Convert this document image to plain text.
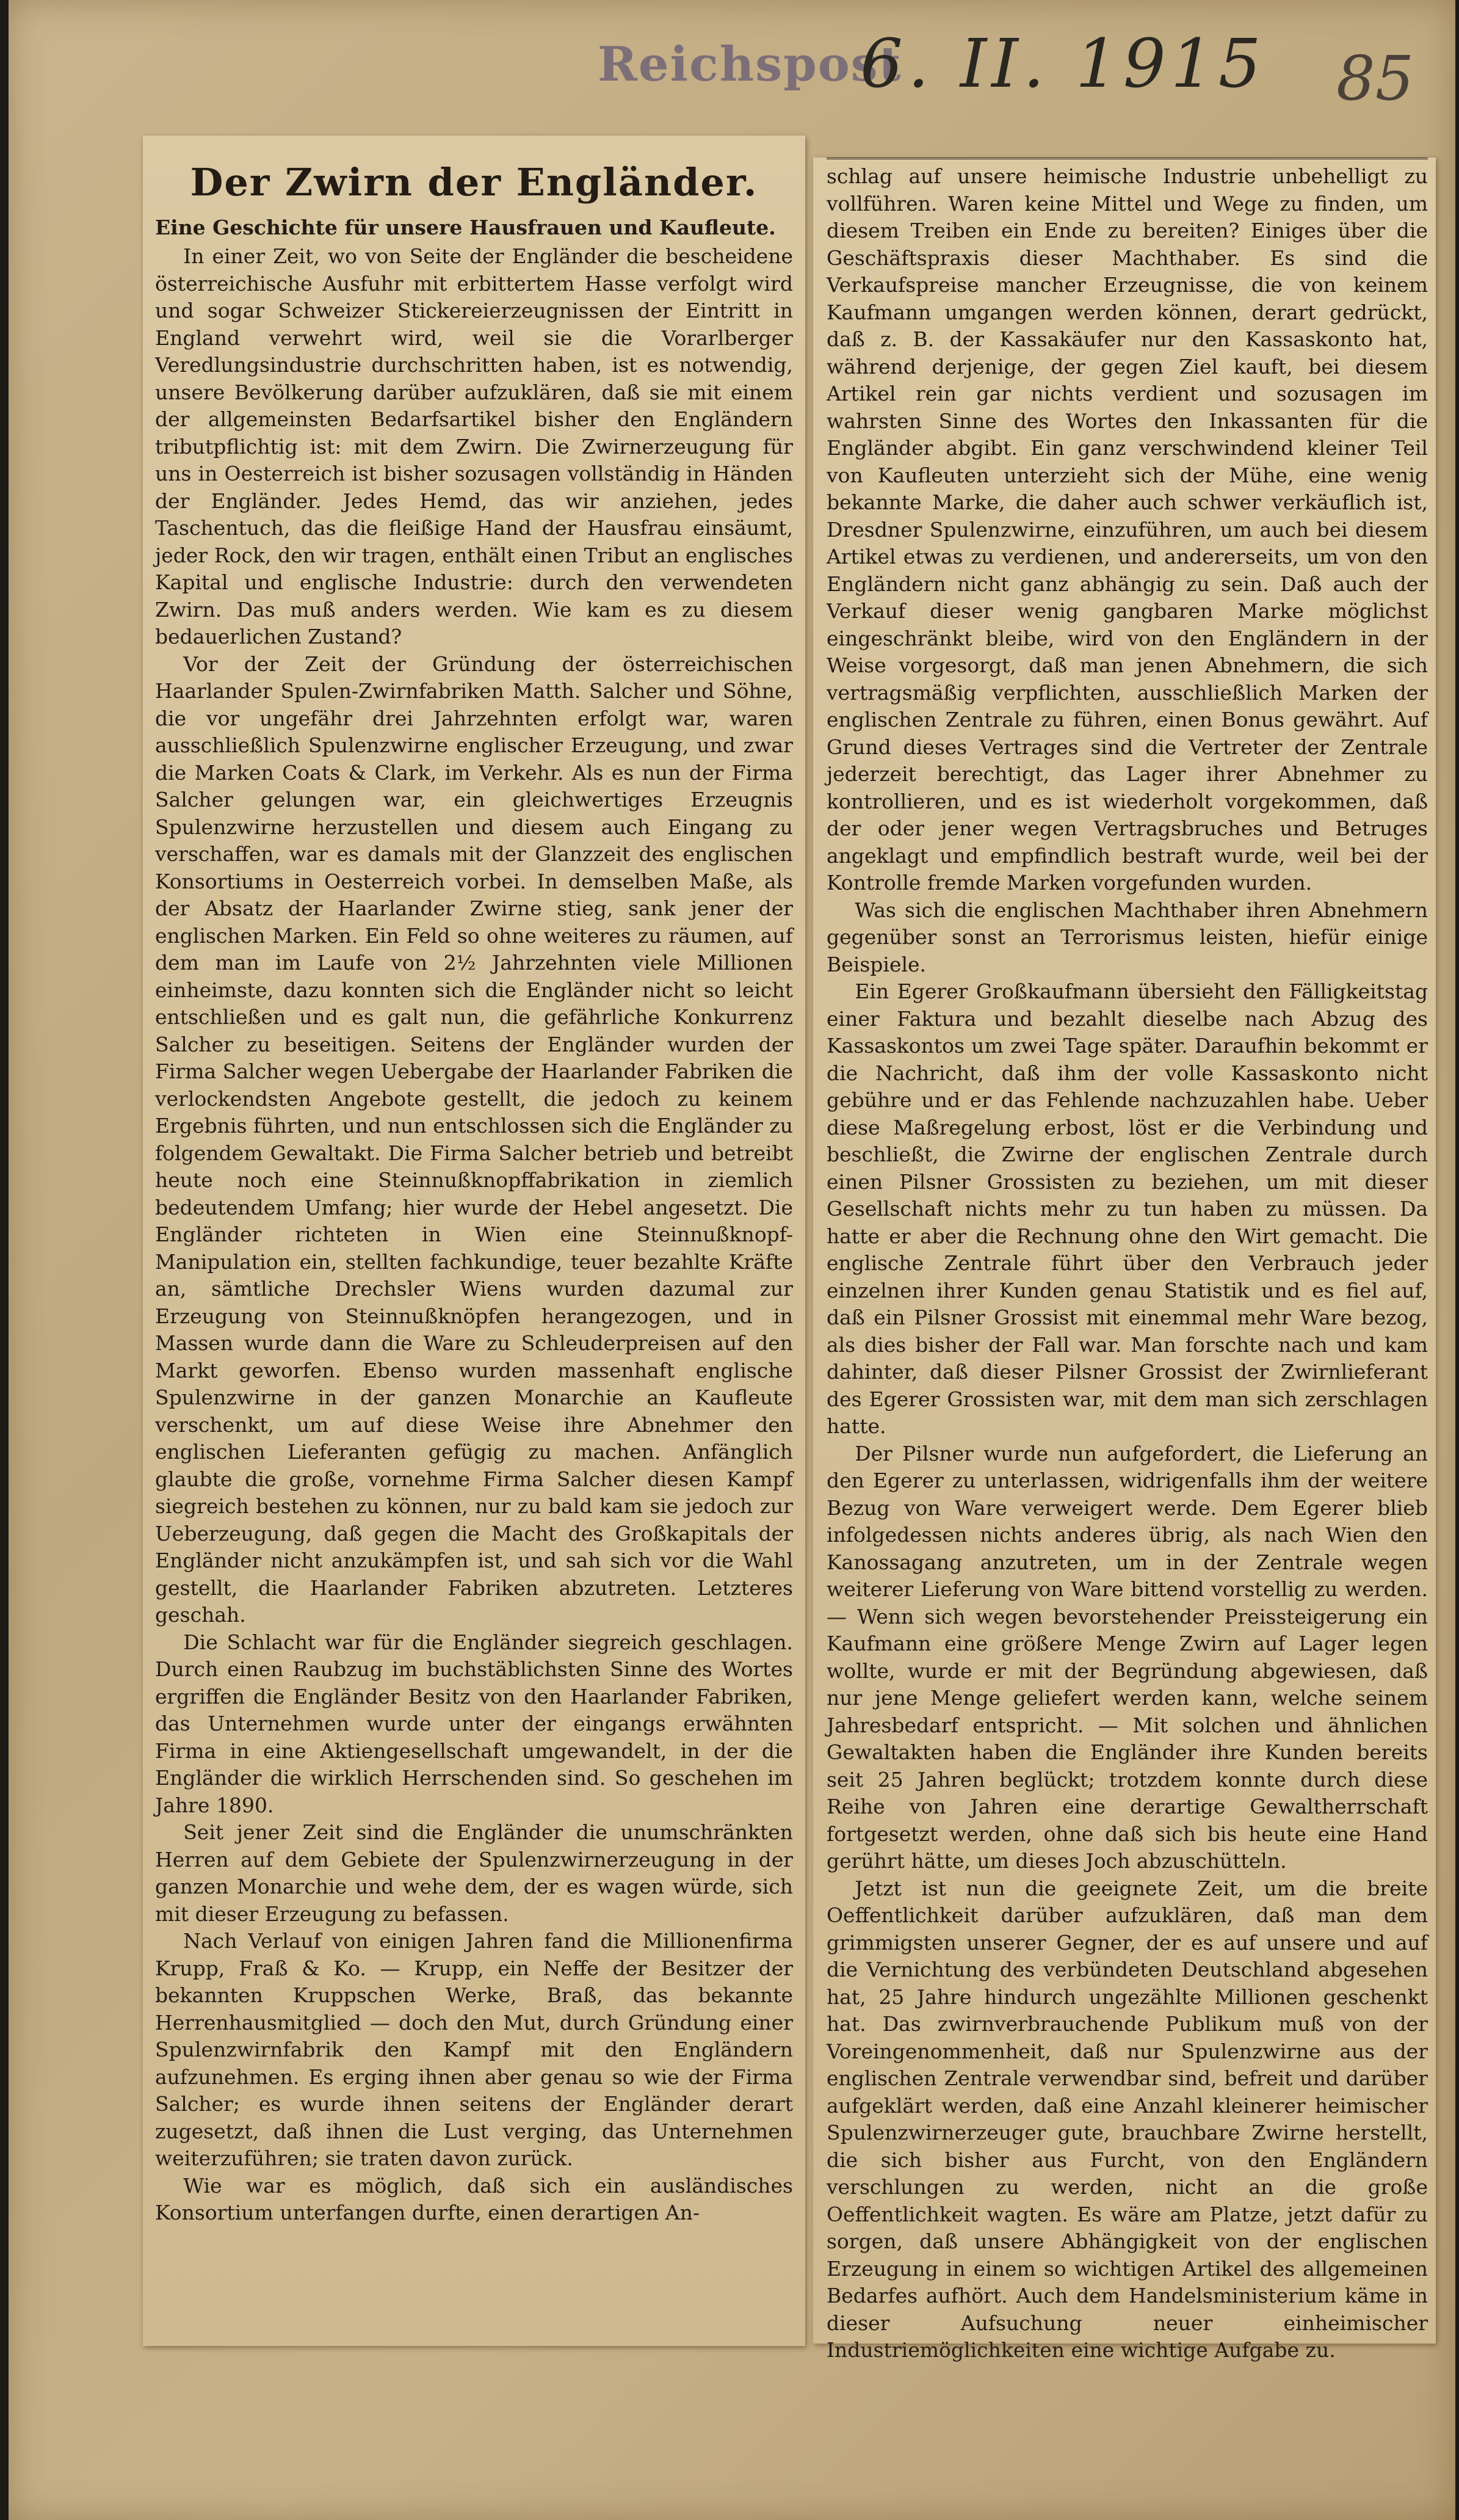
Reichspost
6. II. 1915 85
Der Zwirn der Engländer.
Eine Geschichte für unsere Hausfrauen und Kaufleute.

In einer Zeit, wo von Seite der Engländer die bescheidene österreichische Ausfuhr mit erbittertem Hasse verfolgt wird und sogar Schweizer Stickereierzeugnissen der Eintritt in England verwehrt wird, weil sie die Vorarlberger Veredlungsindustrie durchschritten haben, ist es notwendig, unsere Bevölkerung darüber aufzuklären, daß sie mit einem der allgemeinsten Bedarfsartikel bisher den Engländern tributpflichtig ist: mit dem Zwirn. Die Zwirnerzeugung für uns in Oesterreich ist bisher sozusagen vollständig in Händen der Engländer. Jedes Hemd, das wir anziehen, jedes Taschentuch, das die fleißige Hand der Hausfrau einsäumt, jeder Rock, den wir tragen, enthält einen Tribut an englisches Kapital und englische Industrie: durch den verwendeten Zwirn. Das muß anders werden. Wie kam es zu diesem bedauerlichen Zustand?

Vor der Zeit der Gründung der österreichischen Haarlander Spulen-Zwirnfabriken Matth. Salcher und Söhne, die vor ungefähr drei Jahrzehnten erfolgt war, waren ausschließlich Spulenzwirne englischer Erzeugung, und zwar die Marken Coats & Clark, im Verkehr. Als es nun der Firma Salcher gelungen war, ein gleichwertiges Erzeugnis Spulenzwirne herzustellen und diesem auch Eingang zu verschaffen, war es damals mit der Glanzzeit des englischen Konsortiums in Oesterreich vorbei. In demselben Maße, als der Absatz der Haarlander Zwirne stieg, sank jener der englischen Marken. Ein Feld so ohne weiteres zu räumen, auf dem man im Laufe von 2½ Jahrzehnten viele Millionen einheimste, dazu konnten sich die Engländer nicht so leicht entschließen und es galt nun, die gefährliche Konkurrenz Salcher zu beseitigen. Seitens der Engländer wurden der Firma Salcher wegen Uebergabe der Haarlander Fabriken die verlockendsten Angebote gestellt, die jedoch zu keinem Ergebnis führten, und nun entschlossen sich die Engländer zu folgendem Gewaltakt. Die Firma Salcher betrieb und betreibt heute noch eine Steinnußknopffabrikation in ziemlich bedeutendem Umfang; hier wurde der Hebel angesetzt. Die Engländer richteten in Wien eine Steinnußknopf-Manipulation ein, stellten fachkundige, teuer bezahlte Kräfte an, sämtliche Drechsler Wiens wurden dazumal zur Erzeugung von Steinnußknöpfen herangezogen, und in Massen wurde dann die Ware zu Schleuderpreisen auf den Markt geworfen. Ebenso wurden massenhaft englische Spulenzwirne in der ganzen Monarchie an Kaufleute verschenkt, um auf diese Weise ihre Abnehmer den englischen Lieferanten gefügig zu machen. Anfänglich glaubte die große, vornehme Firma Salcher diesen Kampf siegreich bestehen zu können, nur zu bald kam sie jedoch zur Ueberzeugung, daß gegen die Macht des Großkapitals der Engländer nicht anzukämpfen ist, und sah sich vor die Wahl gestellt, die Haarlander Fabriken abzutreten. Letzteres geschah.

Die Schlacht war für die Engländer siegreich geschlagen. Durch einen Raubzug im buchstäblichsten Sinne des Wortes ergriffen die Engländer Besitz von den Haarlander Fabriken, das Unternehmen wurde unter der eingangs erwähnten Firma in eine Aktiengesellschaft umgewandelt, in der die Engländer die wirklich Herrschenden sind. So geschehen im Jahre 1890.

Seit jener Zeit sind die Engländer die unumschränkten Herren auf dem Gebiete der Spulenzwirnerzeugung in der ganzen Monarchie und wehe dem, der es wagen würde, sich mit dieser Erzeugung zu befassen.

Nach Verlauf von einigen Jahren fand die Millionenfirma Krupp, Fraß & Ko. — Krupp, ein Neffe der Besitzer der bekannten Kruppschen Werke, Braß, das bekannte Herrenhausmitglied — doch den Mut, durch Gründung einer Spulenzwirnfabrik den Kampf mit den Engländern aufzunehmen. Es erging ihnen aber genau so wie der Firma Salcher; es wurde ihnen seitens der Engländer derart zugesetzt, daß ihnen die Lust verging, das Unternehmen weiterzuführen; sie traten davon zurück.

Wie war es möglich, daß sich ein ausländisches Konsortium unterfangen durfte, einen derartigen An-

schlag auf unsere heimische Industrie unbehelligt zu vollführen. Waren keine Mittel und Wege zu finden, um diesem Treiben ein Ende zu bereiten? Einiges über die Geschäftspraxis dieser Machthaber. Es sind die Verkaufspreise mancher Erzeugnisse, die von keinem Kaufmann umgangen werden können, derart gedrückt, daß z. B. der Kassakäufer nur den Kassaskonto hat, während derjenige, der gegen Ziel kauft, bei diesem Artikel rein gar nichts verdient und sozusagen im wahrsten Sinne des Wortes den Inkassanten für die Engländer abgibt. Ein ganz verschwindend kleiner Teil von Kaufleuten unterzieht sich der Mühe, eine wenig bekannte Marke, die daher auch schwer verkäuflich ist, Dresdner Spulenzwirne, einzuführen, um auch bei diesem Artikel etwas zu verdienen, und andererseits, um von den Engländern nicht ganz abhängig zu sein. Daß auch der Verkauf dieser wenig gangbaren Marke möglichst eingeschränkt bleibe, wird von den Engländern in der Weise vorgesorgt, daß man jenen Abnehmern, die sich vertragsmäßig verpflichten, ausschließlich Marken der englischen Zentrale zu führen, einen Bonus gewährt. Auf Grund dieses Vertrages sind die Vertreter der Zentrale jederzeit berechtigt, das Lager ihrer Abnehmer zu kontrollieren, und es ist wiederholt vorgekommen, daß der oder jener wegen Vertragsbruches und Betruges angeklagt und empfindlich bestraft wurde, weil bei der Kontrolle fremde Marken vorgefunden wurden.

Was sich die englischen Machthaber ihren Abnehmern gegenüber sonst an Terrorismus leisten, hiefür einige Beispiele.

Ein Egerer Großkaufmann übersieht den Fälligkeitstag einer Faktura und bezahlt dieselbe nach Abzug des Kassaskontos um zwei Tage später. Daraufhin bekommt er die Nachricht, daß ihm der volle Kassaskonto nicht gebühre und er das Fehlende nachzuzahlen habe. Ueber diese Maßregelung erbost, löst er die Verbindung und beschließt, die Zwirne der englischen Zentrale durch einen Pilsner Grossisten zu beziehen, um mit dieser Gesellschaft nichts mehr zu tun haben zu müssen. Da hatte er aber die Rechnung ohne den Wirt gemacht. Die englische Zentrale führt über den Verbrauch jeder einzelnen ihrer Kunden genau Statistik und es fiel auf, daß ein Pilsner Grossist mit einemmal mehr Ware bezog, als dies bisher der Fall war. Man forschte nach und kam dahinter, daß dieser Pilsner Grossist der Zwirnlieferant des Egerer Grossisten war, mit dem man sich zerschlagen hatte.

Der Pilsner wurde nun aufgefordert, die Lieferung an den Egerer zu unterlassen, widrigenfalls ihm der weitere Bezug von Ware verweigert werde. Dem Egerer blieb infolgedessen nichts anderes übrig, als nach Wien den Kanossagang anzutreten, um in der Zentrale wegen weiterer Lieferung von Ware bittend vorstellig zu werden. — Wenn sich wegen bevorstehender Preissteigerung ein Kaufmann eine größere Menge Zwirn auf Lager legen wollte, wurde er mit der Begründung abgewiesen, daß nur jene Menge geliefert werden kann, welche seinem Jahresbedarf entspricht. — Mit solchen und ähnlichen Gewaltakten haben die Engländer ihre Kunden bereits seit 25 Jahren beglückt; trotzdem konnte durch diese Reihe von Jahren eine derartige Gewaltherrschaft fortgesetzt werden, ohne daß sich bis heute eine Hand gerührt hätte, um dieses Joch abzuschütteln.

Jetzt ist nun die geeignete Zeit, um die breite Oeffentlichkeit darüber aufzuklären, daß man dem grimmigsten unserer Gegner, der es auf unsere und auf die Vernichtung des verbündeten Deutschland abgesehen hat, 25 Jahre hindurch ungezählte Millionen geschenkt hat. Das zwirnverbrauchende Publikum muß von der Voreingenommenheit, daß nur Spulenzwirne aus der englischen Zentrale verwendbar sind, befreit und darüber aufgeklärt werden, daß eine Anzahl kleinerer heimischer Spulenzwirnerzeuger gute, brauchbare Zwirne herstellt, die sich bisher aus Furcht, von den Engländern verschlungen zu werden, nicht an die große Oeffentlichkeit wagten. Es wäre am Platze, jetzt dafür zu sorgen, daß unsere Abhängigkeit von der englischen Erzeugung in einem so wichtigen Artikel des allgemeinen Bedarfes aufhört. Auch dem Handelsministerium käme in dieser Aufsuchung neuer einheimischer Industriemöglichkeiten eine wichtige Aufgabe zu.
